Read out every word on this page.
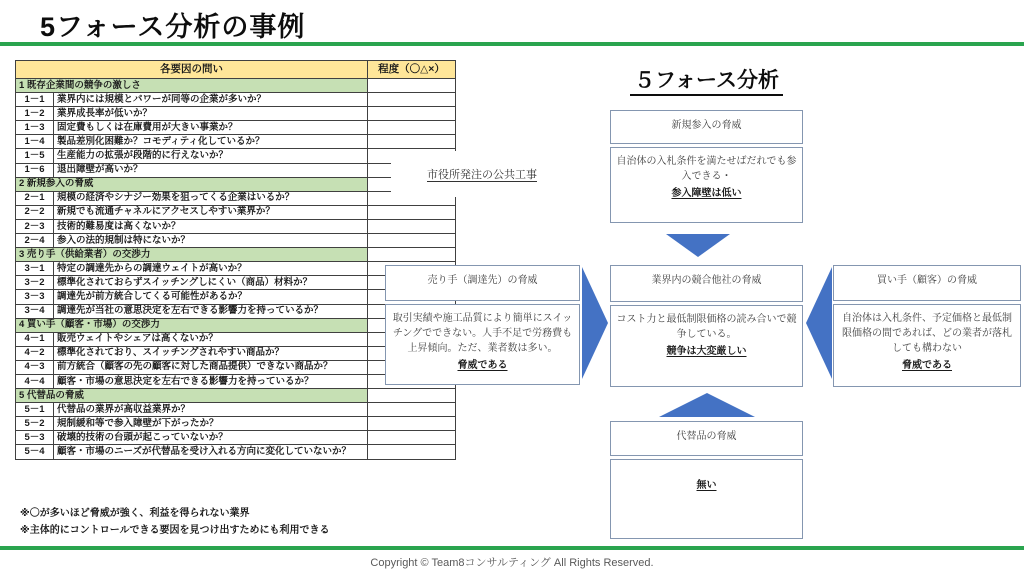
5フォース分析の事例
各要因の問い		程度（〇△×）
1 既存企業間の競争の激しさ		
1－1	業界内には規模とパワーが同等の企業が多いか？	
1－2	業界成長率が低いか？	
1－3	固定費もしくは在庫費用が大きい事業か？	
1－4	製品差別化困難か？コモディティ化しているか？	
1－5	生産能力の拡張が段階的に行えないか？	
1－6	退出障壁が高いか？	
2 新規参入の脅威		
2－1	規模の経済やシナジー効果を狙ってくる企業はいるか？	
2－2	新規でも流通チャネルにアクセスしやすい業界か？	
2－3	技術的難易度は高くないか？	
2－4	参入の法的規制は特にないか？	
3 売り手（供給業者）の交渉力		
3－1	特定の調達先からの調達ウェイトが高いか？	
3－2	標準化されておらずスイッチングしにくい（商品）材料か？	
3－3	調達先が前方統合してくる可能性があるか？	
3－4	調達先が当社の意思決定を左右できる影響力を持っているか？	
4 買い手（顧客・市場）の交渉力		
4－1	販売ウェイトやシェアは高くないか？	
4－2	標準化されており、スイッチングされやすい商品か？	
4－3	前方統合（顧客の先の顧客に対した商品提供）できない商品か？	
4－4	顧客・市場の意思決定を左右できる影響力を持っているか？	
5 代替品の脅威		
5－1	代替品の業界が高収益業界か？	
5－2	規制緩和等で参入障壁が下がったか？	
5－3	破壊的技術の台頭が起こっていないか？	
5－4	顧客・市場のニーズが代替品を受け入れる方向に変化していないか？	
市役所発注の公共工事
※〇が多いほど脅威が強く、利益を得られない業界
※主体的にコントロールできる要因を見つけ出すためにも利用できる
５フォース分析
新規参入の脅威
自治体の入札条件を満たせばだれでも参入できる・
参入障壁は低い
売り手（調達先）の脅威
取引実績や施工品質により簡単にスイッチングでできない。人手不足で労務費も上昇傾向。ただ、業者数は多い。
脅威である
業界内の競合他社の脅威
コスト力と最低制限価格の読み合いで競争している。
競争は大変厳しい
買い手（顧客）の脅威
自治体は入札条件、予定価格と最低制限価格の間であれば、どの業者が落札しても構わない
脅威である
代替品の脅威
無い
Copyright © Team8コンサルティング All Rights Reserved.
